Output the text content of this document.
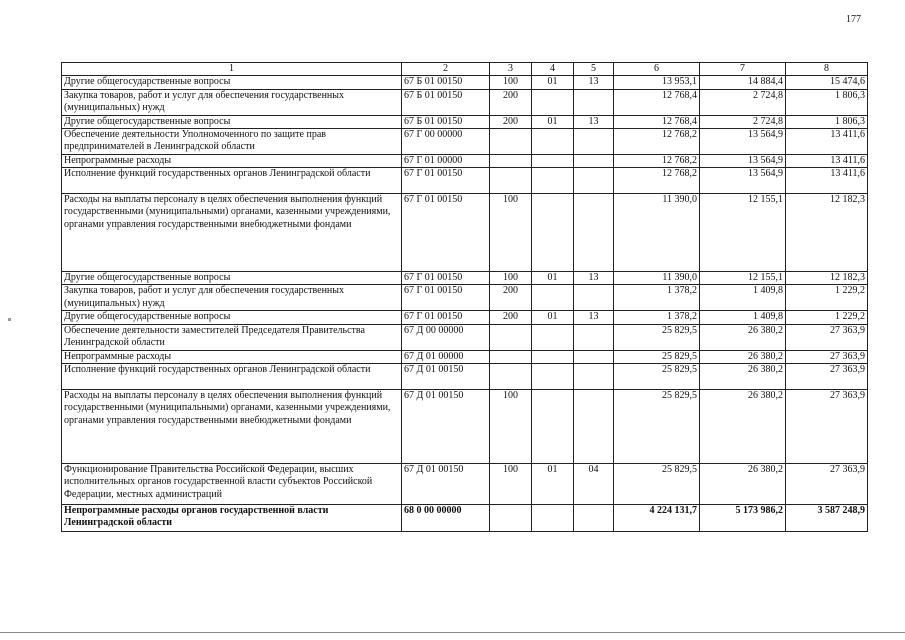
177
1	2	3	4	5	6	7	8
Другие общегосударственные вопросы	67 Б 01 00150	100	01	13	13 953,1	14 884,4	15 474,6
Закупка товаров, работ и услуг для обеспечения государственных (муниципальных) нужд	67 Б 01 00150	200			12 768,4	2 724,8	1 806,3
Другие общегосударственные вопросы	67 Б 01 00150	200	01	13	12 768,4	2 724,8	1 806,3
Обеспечение деятельности Уполномоченного по защите прав предпринимателей в Ленинградской области	67 Г 00 00000				12 768,2	13 564,9	13 411,6
Непрограммные расходы	67 Г 01 00000				12 768,2	13 564,9	13 411,6
Исполнение функций государственных органов Ленинградской области	67 Г 01 00150				12 768,2	13 564,9	13 411,6
Расходы на выплаты персоналу в целях обеспечения выполнения функций государственными (муниципальными) органами, казенными учреждениями, органами управления государственными внебюджетными фондами	67 Г 01 00150	100			11 390,0	12 155,1	12 182,3
Другие общегосударственные вопросы	67 Г 01 00150	100	01	13	11 390,0	12 155,1	12 182,3
Закупка товаров, работ и услуг для обеспечения государственных (муниципальных) нужд	67 Г 01 00150	200			1 378,2	1 409,8	1 229,2
Другие общегосударственные вопросы	67 Г 01 00150	200	01	13	1 378,2	1 409,8	1 229,2
Обеспечение деятельности заместителей Председателя Правительства Ленинградской области	67 Д 00 00000				25 829,5	26 380,2	27 363,9
Непрограммные расходы	67 Д 01 00000				25 829,5	26 380,2	27 363,9
Исполнение функций государственных органов Ленинградской области	67 Д 01 00150				25 829,5	26 380,2	27 363,9
Расходы на выплаты персоналу в целях обеспечения выполнения функций государственными (муниципальными) органами, казенными учреждениями, органами управления государственными внебюджетными фондами	67 Д 01 00150	100			25 829,5	26 380,2	27 363,9
Функционирование Правительства Российской Федерации, высших исполнительных органов государственной власти субъектов Российской Федерации, местных администраций	67 Д 01 00150	100	01	04	25 829,5	26 380,2	27 363,9
Непрограммные расходы органов государственной власти Ленинградской области	68 0 00 00000				4 224 131,7	5 173 986,2	3 587 248,9
